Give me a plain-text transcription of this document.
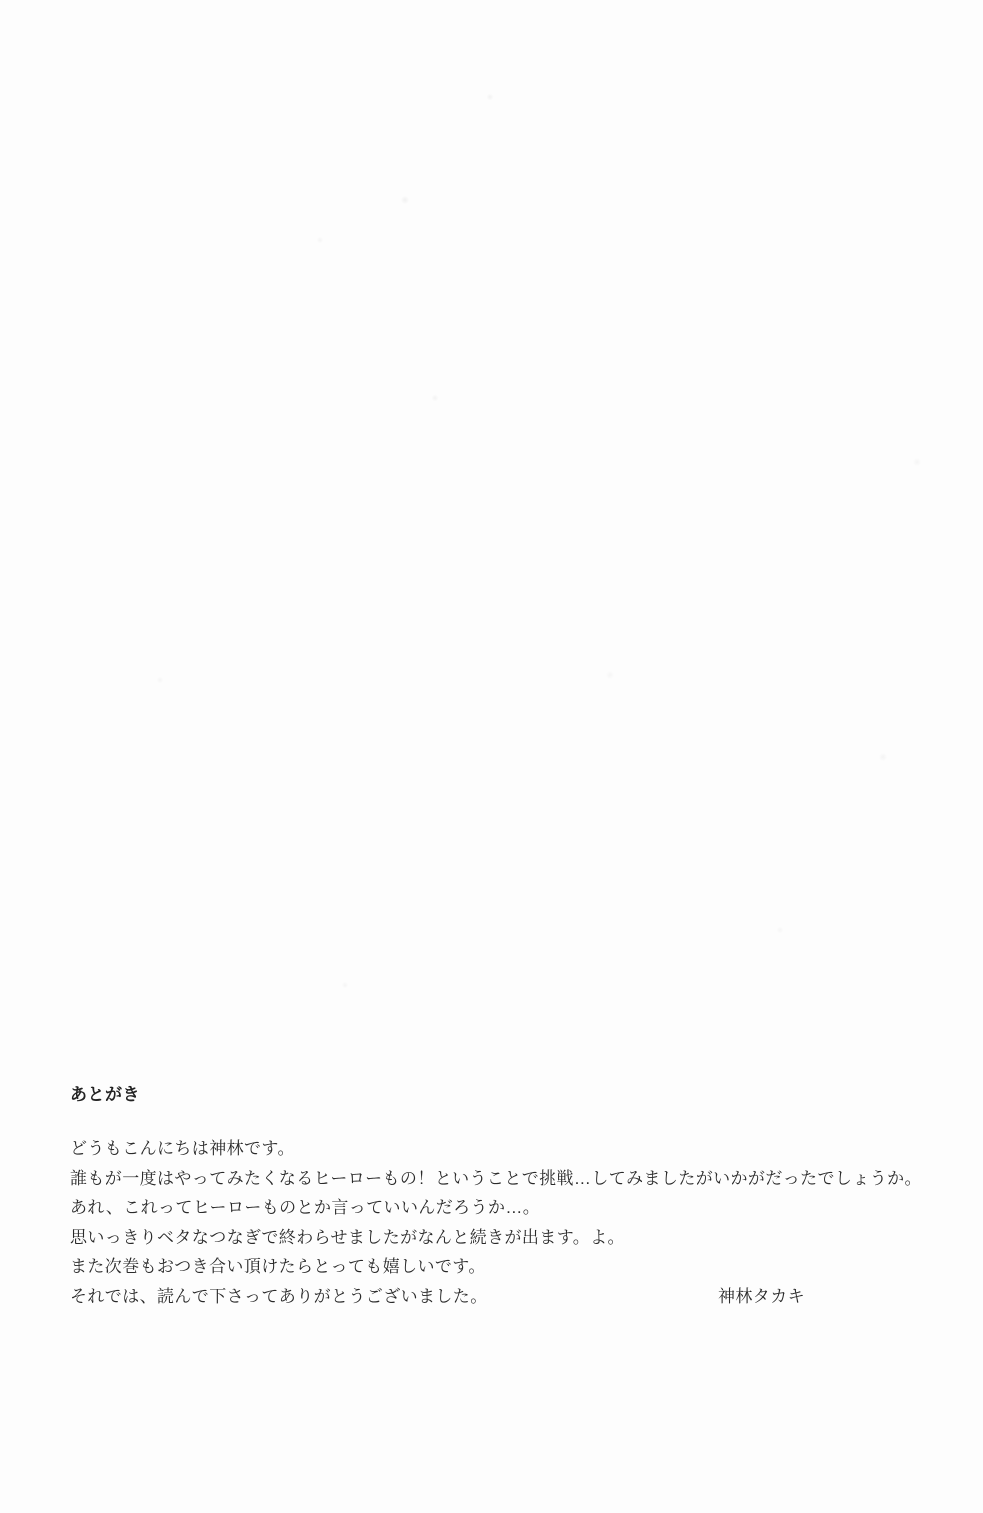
あとがき
どうもこんにちは神林です。
誰もが一度はやってみたくなるヒーローもの！ということで挑戦…してみましたがいかがだったでしょうか。
あれ、これってヒーローものとか言っていいんだろうか…。
思いっきりベタなつなぎで終わらせましたがなんと続きが出ます。よ。
また次巻もおつき合い頂けたらとっても嬉しいです。
それでは、読んで下さってありがとうございました。	神林タカキ
